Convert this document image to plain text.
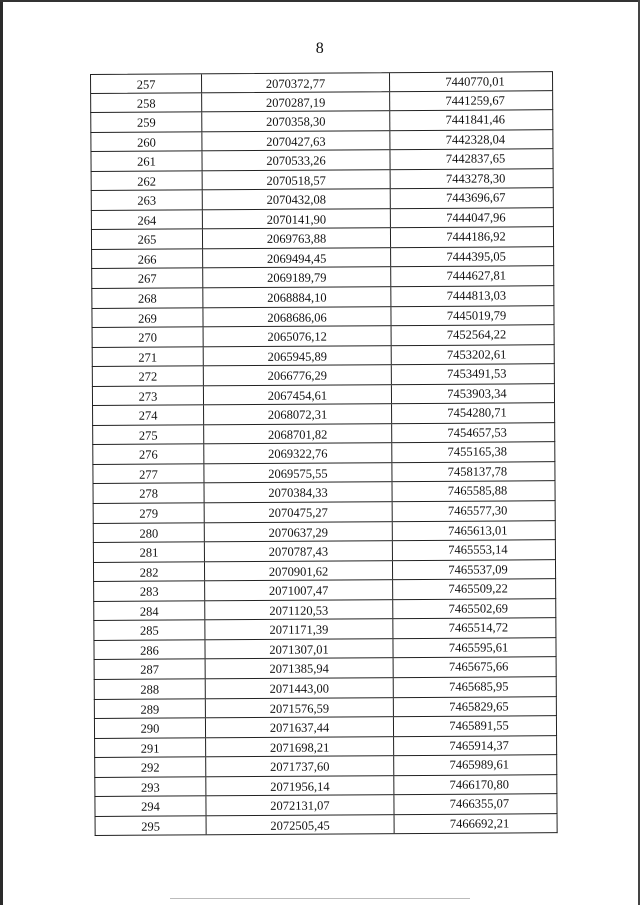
8
257	2070372,77	7440770,01
258	2070287,19	7441259,67
259	2070358,30	7441841,46
260	2070427,63	7442328,04
261	2070533,26	7442837,65
262	2070518,57	7443278,30
263	2070432,08	7443696,67
264	2070141,90	7444047,96
265	2069763,88	7444186,92
266	2069494,45	7444395,05
267	2069189,79	7444627,81
268	2068884,10	7444813,03
269	2068686,06	7445019,79
270	2065076,12	7452564,22
271	2065945,89	7453202,61
272	2066776,29	7453491,53
273	2067454,61	7453903,34
274	2068072,31	7454280,71
275	2068701,82	7454657,53
276	2069322,76	7455165,38
277	2069575,55	7458137,78
278	2070384,33	7465585,88
279	2070475,27	7465577,30
280	2070637,29	7465613,01
281	2070787,43	7465553,14
282	2070901,62	7465537,09
283	2071007,47	7465509,22
284	2071120,53	7465502,69
285	2071171,39	7465514,72
286	2071307,01	7465595,61
287	2071385,94	7465675,66
288	2071443,00	7465685,95
289	2071576,59	7465829,65
290	2071637,44	7465891,55
291	2071698,21	7465914,37
292	2071737,60	7465989,61
293	2071956,14	7466170,80
294	2072131,07	7466355,07
295	2072505,45	7466692,21
